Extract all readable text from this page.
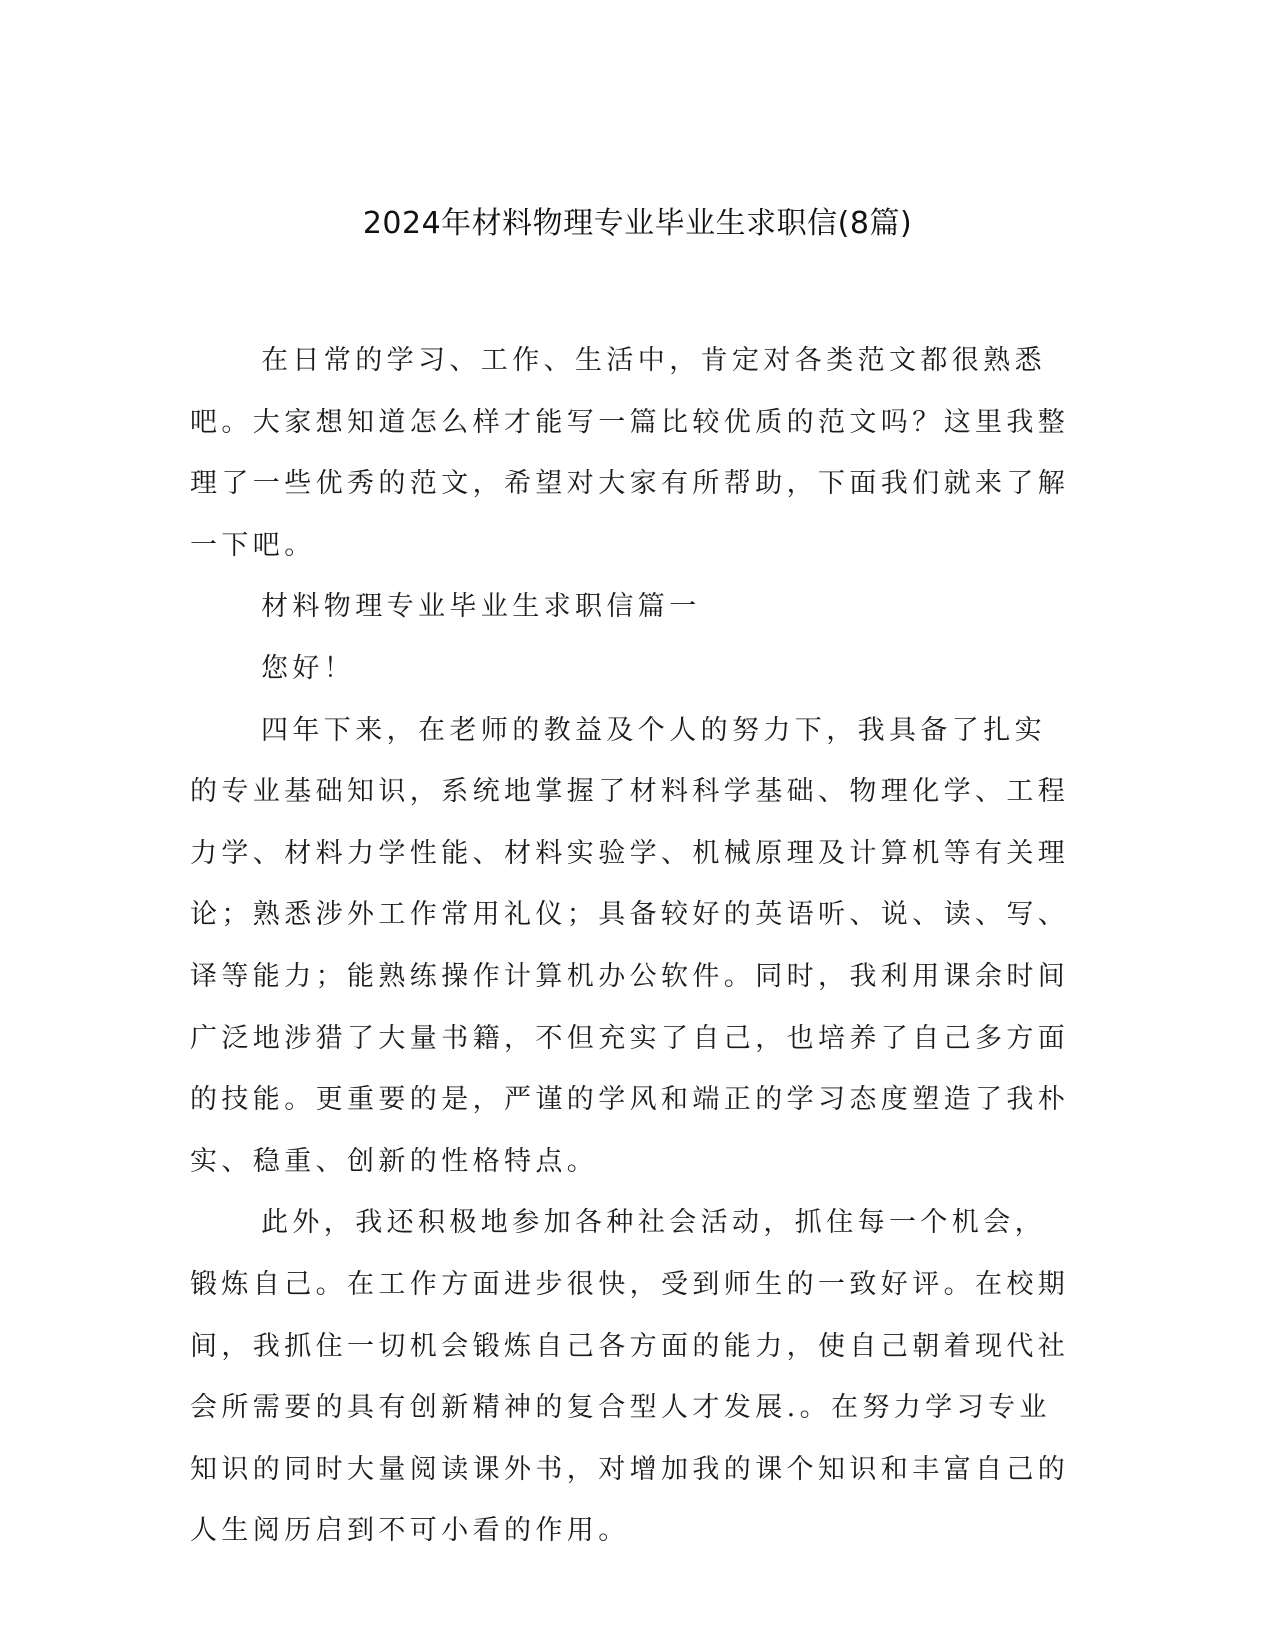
2024年材料物理专业毕业生求职信(8篇)

在日常的学习、工作、生活中，肯定对各类范文都很熟悉吧。大家想知道怎么样才能写一篇比较优质的范文吗？这里我整理了一些优秀的范文，希望对大家有所帮助，下面我们就来了解一下吧。

材料物理专业毕业生求职信篇一

您好！

四年下来，在老师的教益及个人的努力下，我具备了扎实的专业基础知识，系统地掌握了材料科学基础、物理化学、工程力学、材料力学性能、材料实验学、机械原理及计算机等有关理论；熟悉涉外工作常用礼仪；具备较好的英语听、说、读、写、译等能力；能熟练操作计算机办公软件。同时，我利用课余时间广泛地涉猎了大量书籍，不但充实了自己，也培养了自己多方面的技能。更重要的是，严谨的学风和端正的学习态度塑造了我朴实、稳重、创新的性格特点。

此外，我还积极地参加各种社会活动，抓住每一个机会，锻炼自己。在工作方面进步很快，受到师生的一致好评。在校期间，我抓住一切机会锻炼自己各方面的能力，使自己朝着现代社会所需要的具有创新精神的复合型人才发展.。在努力学习专业知识的同时大量阅读课外书，对增加我的课个知识和丰富自己的人生阅历启到不可小看的作用。
